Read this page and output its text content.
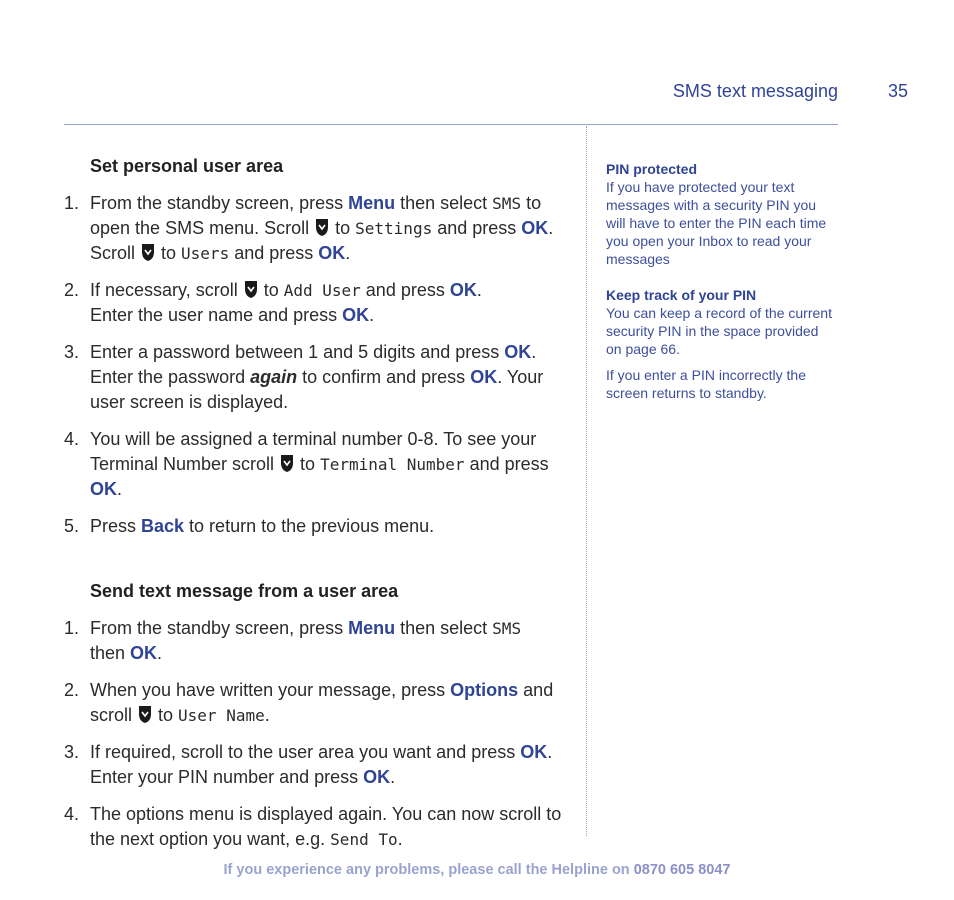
SMS text messaging	35
Set personal user area
1. From the standby screen, press Menu then select SMS to open the SMS menu. Scroll  to Settings and press OK. Scroll  to Users and press OK.
2. If necessary, scroll  to Add User and press OK.
Enter the user name and press OK.
3. Enter a password between 1 and 5 digits and press OK.
Enter the password again to confirm and press OK. Your user screen is displayed.
4. You will be assigned a terminal number 0-8. To see your Terminal Number scroll  to Terminal Number and press OK.
5. Press Back to return to the previous menu.
Send text message from a user area
1. From the standby screen, press Menu then select SMS
then OK.
2. When you have written your message, press Options and scroll  to User Name.
3. If required, scroll to the user area you want and press OK.
Enter your PIN number and press OK.
4. The options menu is displayed again. You can now scroll to the next option you want, e.g. Send To.
PIN protected

If you have protected your text messages with a security PIN you will have to enter the PIN each time you open your Inbox to read your messages

Keep track of your PIN

You can keep a record of the current security PIN in the space provided on page 66.

If you enter a PIN incorrectly the screen returns to standby.

If you experience any problems, please call the Helpline on 0870 605 8047
